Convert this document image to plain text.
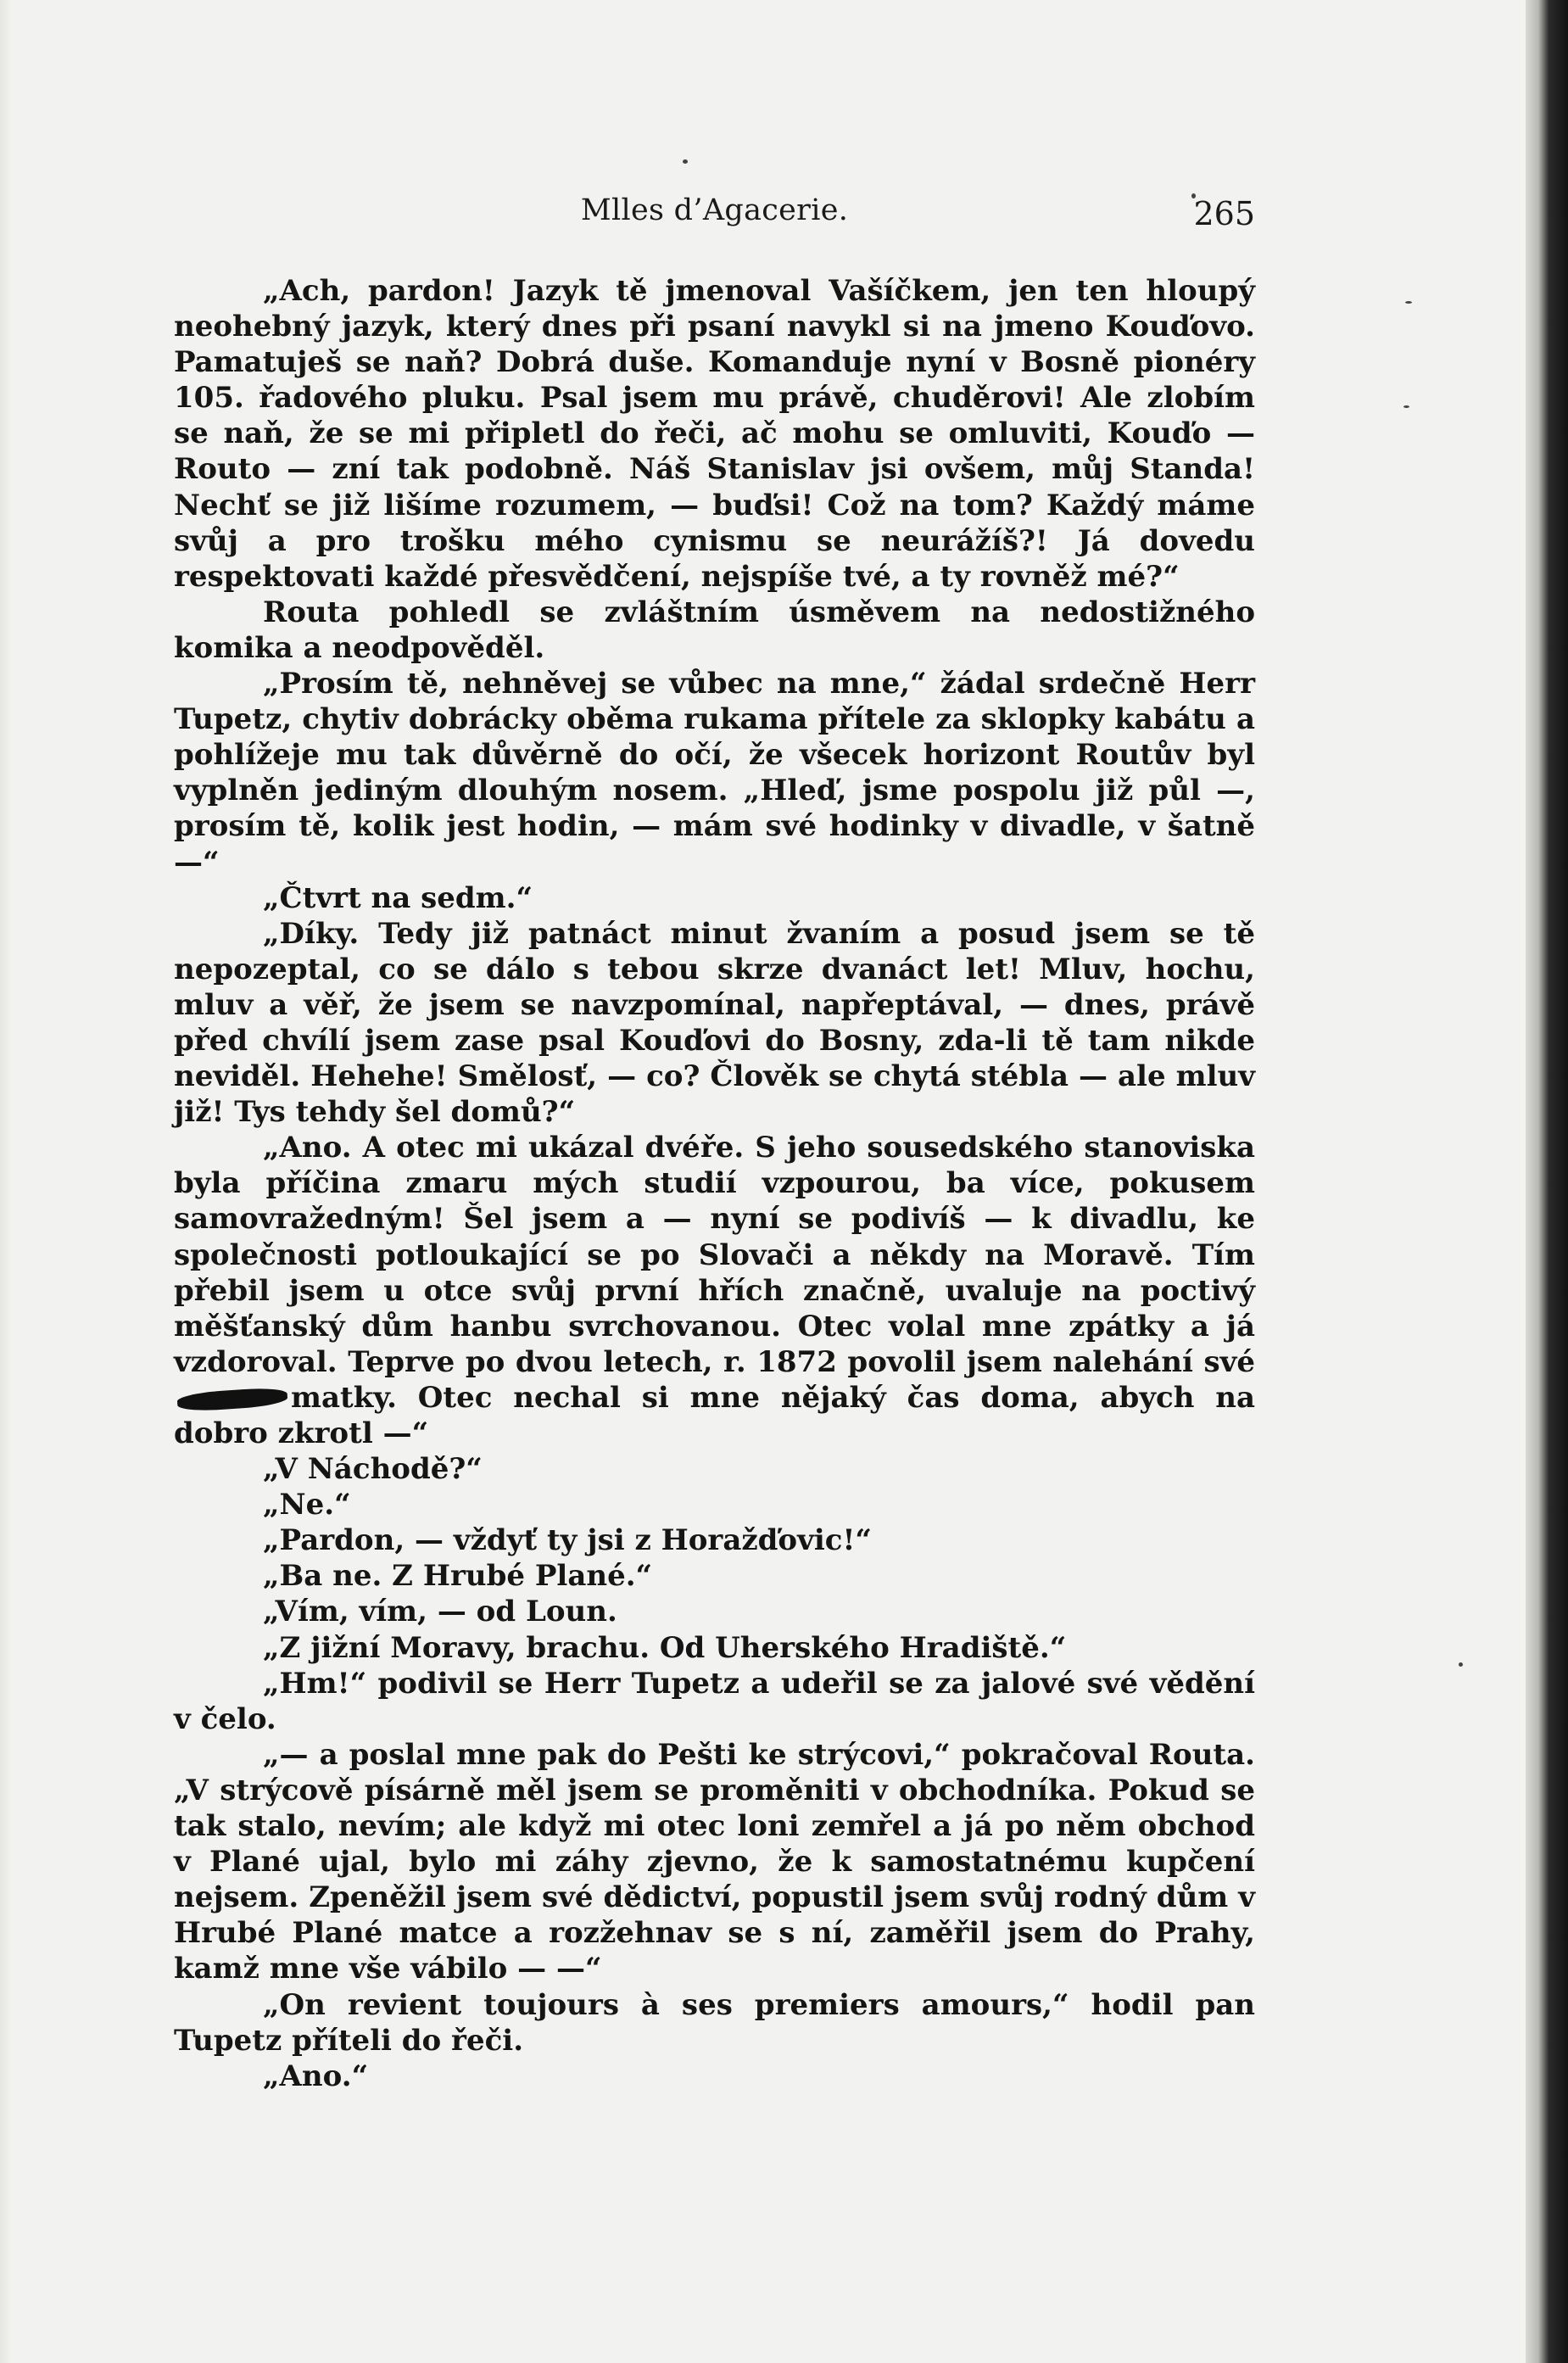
Mlles d’Agacerie.	265

„Ach, pardon! Jazyk tě jmenoval Vašíčkem, jen ten hloupý neohebný jazyk, který dnes při psaní navykl si na jmeno Kouďovo. Pamatuješ se naň? Dobrá duše. Komanduje nyní v Bosně pionéry 105. řadového pluku. Psal jsem mu právě, chuděrovi! Ale zlobím se naň, že se mi připletl do řeči, ač mohu se omluviti, Kouďo — Routo — zní tak podobně. Náš Stanislav jsi ovšem, můj Standa! Nechť se již lišíme rozumem, — buďsi! Což na tom? Každý máme svůj a pro trošku mého cynismu se neurážíš?! Já dovedu respektovati každé přesvědčení, nejspíše tvé, a ty rovněž mé?“

Routa pohledl se zvláštním úsměvem na nedostižného komika a neodpověděl.

„Prosím tě, nehněvej se vůbec na mne,“ žádal srdečně Herr Tupetz, chytiv dobrácky oběma rukama přítele za sklopky kabátu a pohlížeje mu tak důvěrně do očí, že všecek horizont Routův byl vyplněn jediným dlouhým nosem. „Hleď, jsme pospolu již půl —, prosím tě, kolik jest hodin, — mám své hodinky v divadle, v šatně —“

„Čtvrt na sedm.“

„Díky. Tedy již patnáct minut žvaním a posud jsem se tě nepozeptal, co se dálo s tebou skrze dvanáct let! Mluv, hochu, mluv a věř, že jsem se navzpomínal, napřeptával, — dnes, právě před chvílí jsem zase psal Kouďovi do Bosny, zda-li tě tam nikde neviděl. Hehehe! Smělosť, — co? Člověk se chytá stébla — ale mluv již! Tys tehdy šel domů?“

„Ano. A otec mi ukázal dvéře. S jeho sousedského stanoviska byla příčina zmaru mých studií vzpourou, ba více, pokusem samovražedným! Šel jsem a — nyní se podivíš — k divadlu, ke společnosti potloukající se po Slovači a někdy na Moravě. Tím přebil jsem u otce svůj první hřích značně, uvaluje na poctivý měšťanský dům hanbu svrchovanou. Otec volal mne zpátky a já vzdoroval. Teprve po dvou letech, r. 1872 povolil jsem nalehání svématky. Otec nechal si mne nějaký čas doma, abych na dobro zkrotl —“

„V Náchodě?“

„Ne.“

„Pardon, — vždyť ty jsi z Horažďovic!“

„Ba ne. Z Hrubé Plané.“

„Vím, vím, — od Loun.

„Z jižní Moravy, brachu. Od Uherského Hradiště.“

„Hm!“ podivil se Herr Tupetz a udeřil se za jalové své vědění v čelo.

„— a poslal mne pak do Pešti ke strýcovi,“ pokračoval Routa. „V strýcově písárně měl jsem se proměniti v obchodníka. Pokud se tak stalo, nevím; ale když mi otec loni zemřel a já po něm obchod v Plané ujal, bylo mi záhy zjevno, že k samostatnému kupčení nejsem. Zpeněžil jsem své dědictví, popustil jsem svůj rodný dům v Hrubé Plané matce a rozžehnav se s ní, zaměřil jsem do Prahy, kamž mne vše vábilo — —“

„On revient toujours à ses premiers amours,“ hodil pan Tupetz příteli do řeči.

„Ano.“
